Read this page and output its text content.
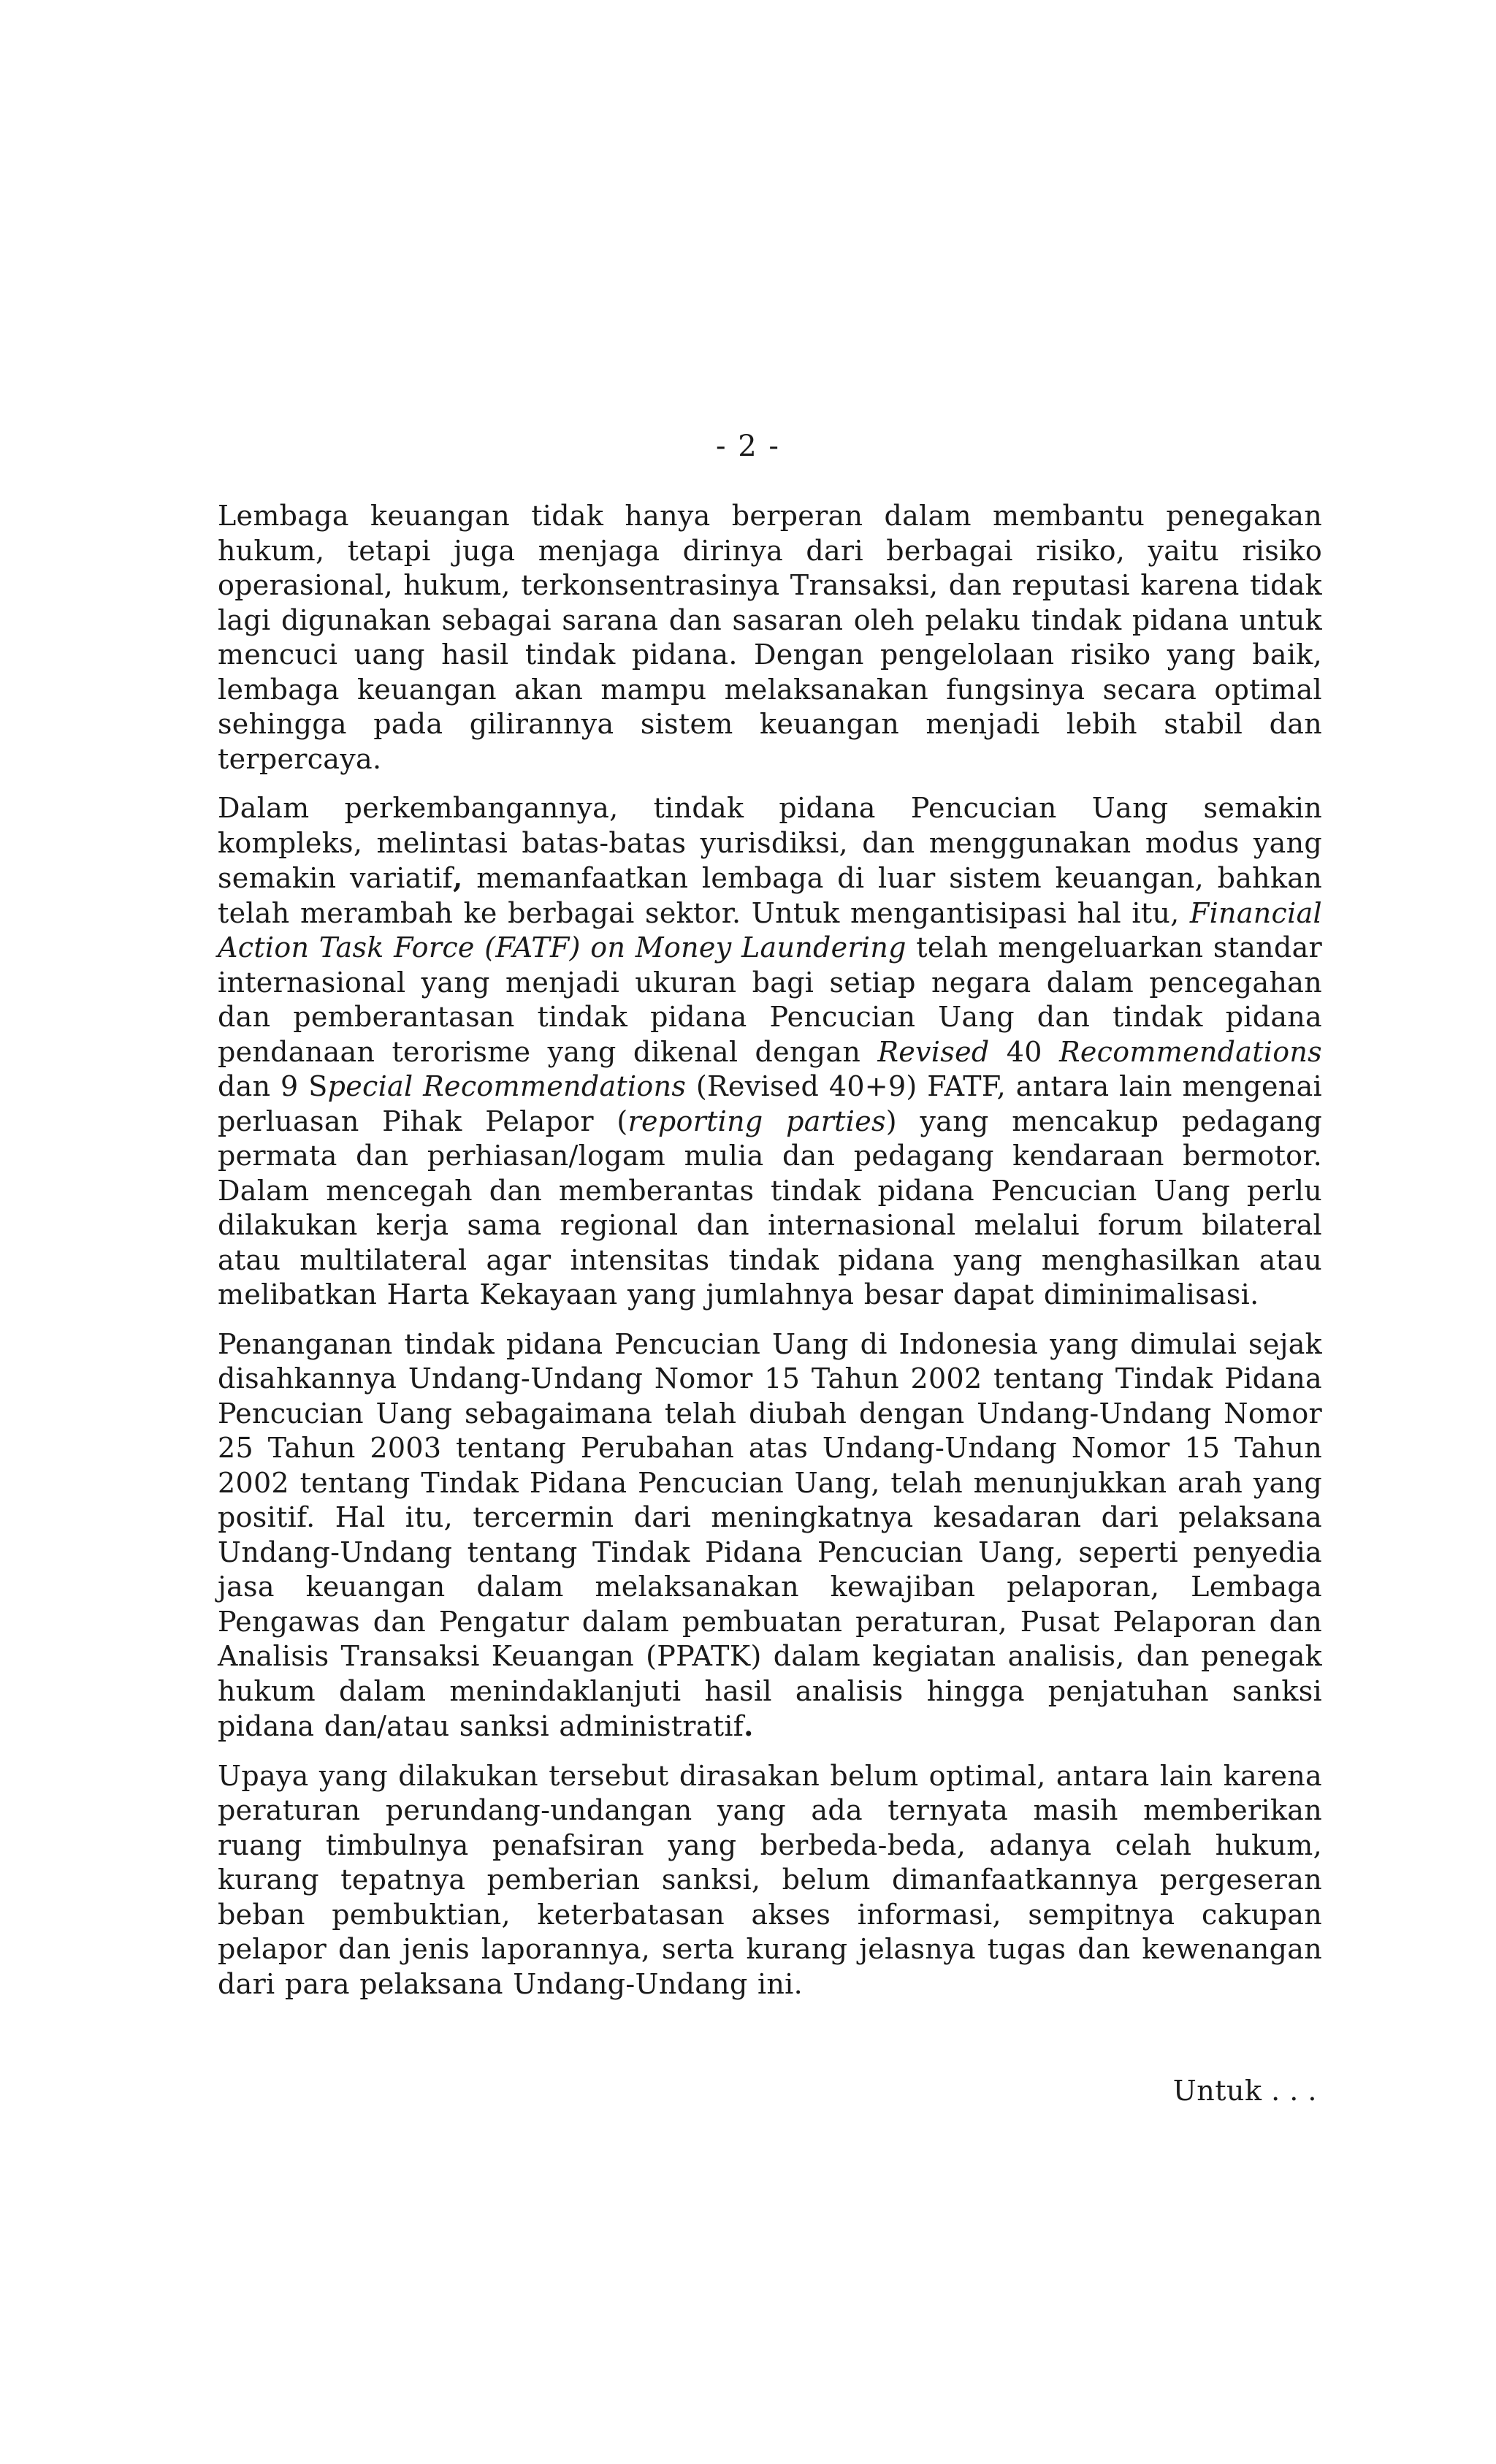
- 2 -

Lembaga keuangan tidak hanya berperan dalam membantu penegakan hukum, tetapi juga menjaga dirinya dari berbagai risiko, yaitu risiko operasional, hukum, terkonsentrasinya Transaksi, dan reputasi karena tidak lagi digunakan sebagai sarana dan sasaran oleh pelaku tindak pidana untuk mencuci uang hasil tindak pidana. Dengan pengelolaan risiko yang baik, lembaga keuangan akan mampu melaksanakan fungsinya secara optimal sehingga pada gilirannya sistem keuangan menjadi lebih stabil dan terpercaya.

Dalam perkembangannya, tindak pidana Pencucian Uang semakin kompleks, melintasi batas-batas yurisdiksi, dan menggunakan modus yang semakin variatif, memanfaatkan lembaga di luar sistem keuangan, bahkan telah merambah ke berbagai sektor. Untuk mengantisipasi hal itu, Financial Action Task Force (FATF) on Money Laundering telah mengeluarkan standar internasional yang menjadi ukuran bagi setiap negara dalam pencegahan dan pemberantasan tindak pidana Pencucian Uang dan tindak pidana pendanaan terorisme yang dikenal dengan Revised 40 Recommendations dan 9 Special Recommendations (Revised 40+9) FATF, antara lain mengenai perluasan Pihak Pelapor (reporting parties) yang mencakup pedagang permata dan perhiasan/logam mulia dan pedagang kendaraan bermotor. Dalam mencegah dan memberantas tindak pidana Pencucian Uang perlu dilakukan kerja sama regional dan internasional melalui forum bilateral atau multilateral agar intensitas tindak pidana yang menghasilkan atau melibatkan Harta Kekayaan yang jumlahnya besar dapat diminimalisasi.

Penanganan tindak pidana Pencucian Uang di Indonesia yang dimulai sejak disahkannya Undang-Undang Nomor 15 Tahun 2002 tentang Tindak Pidana Pencucian Uang sebagaimana telah diubah dengan Undang-Undang Nomor 25 Tahun 2003 tentang Perubahan atas Undang-Undang Nomor 15 Tahun 2002 tentang Tindak Pidana Pencucian Uang, telah menunjukkan arah yang positif. Hal itu, tercermin dari meningkatnya kesadaran dari pelaksana Undang-Undang tentang Tindak Pidana Pencucian Uang, seperti penyedia jasa keuangan dalam melaksanakan kewajiban pelaporan, Lembaga Pengawas dan Pengatur dalam pembuatan peraturan, Pusat Pelaporan dan Analisis Transaksi Keuangan (PPATK) dalam kegiatan analisis, dan penegak hukum dalam menindaklanjuti hasil analisis hingga penjatuhan sanksi pidana dan/atau sanksi administratif.

Upaya yang dilakukan tersebut dirasakan belum optimal, antara lain karena peraturan perundang-undangan yang ada ternyata masih memberikan ruang timbulnya penafsiran yang berbeda-beda, adanya celah hukum, kurang tepatnya pemberian sanksi, belum dimanfaatkannya pergeseran beban pembuktian, keterbatasan akses informasi, sempitnya cakupan pelapor dan jenis laporannya, serta kurang jelasnya tugas dan kewenangan dari para pelaksana Undang-Undang ini.

Untuk . . .
